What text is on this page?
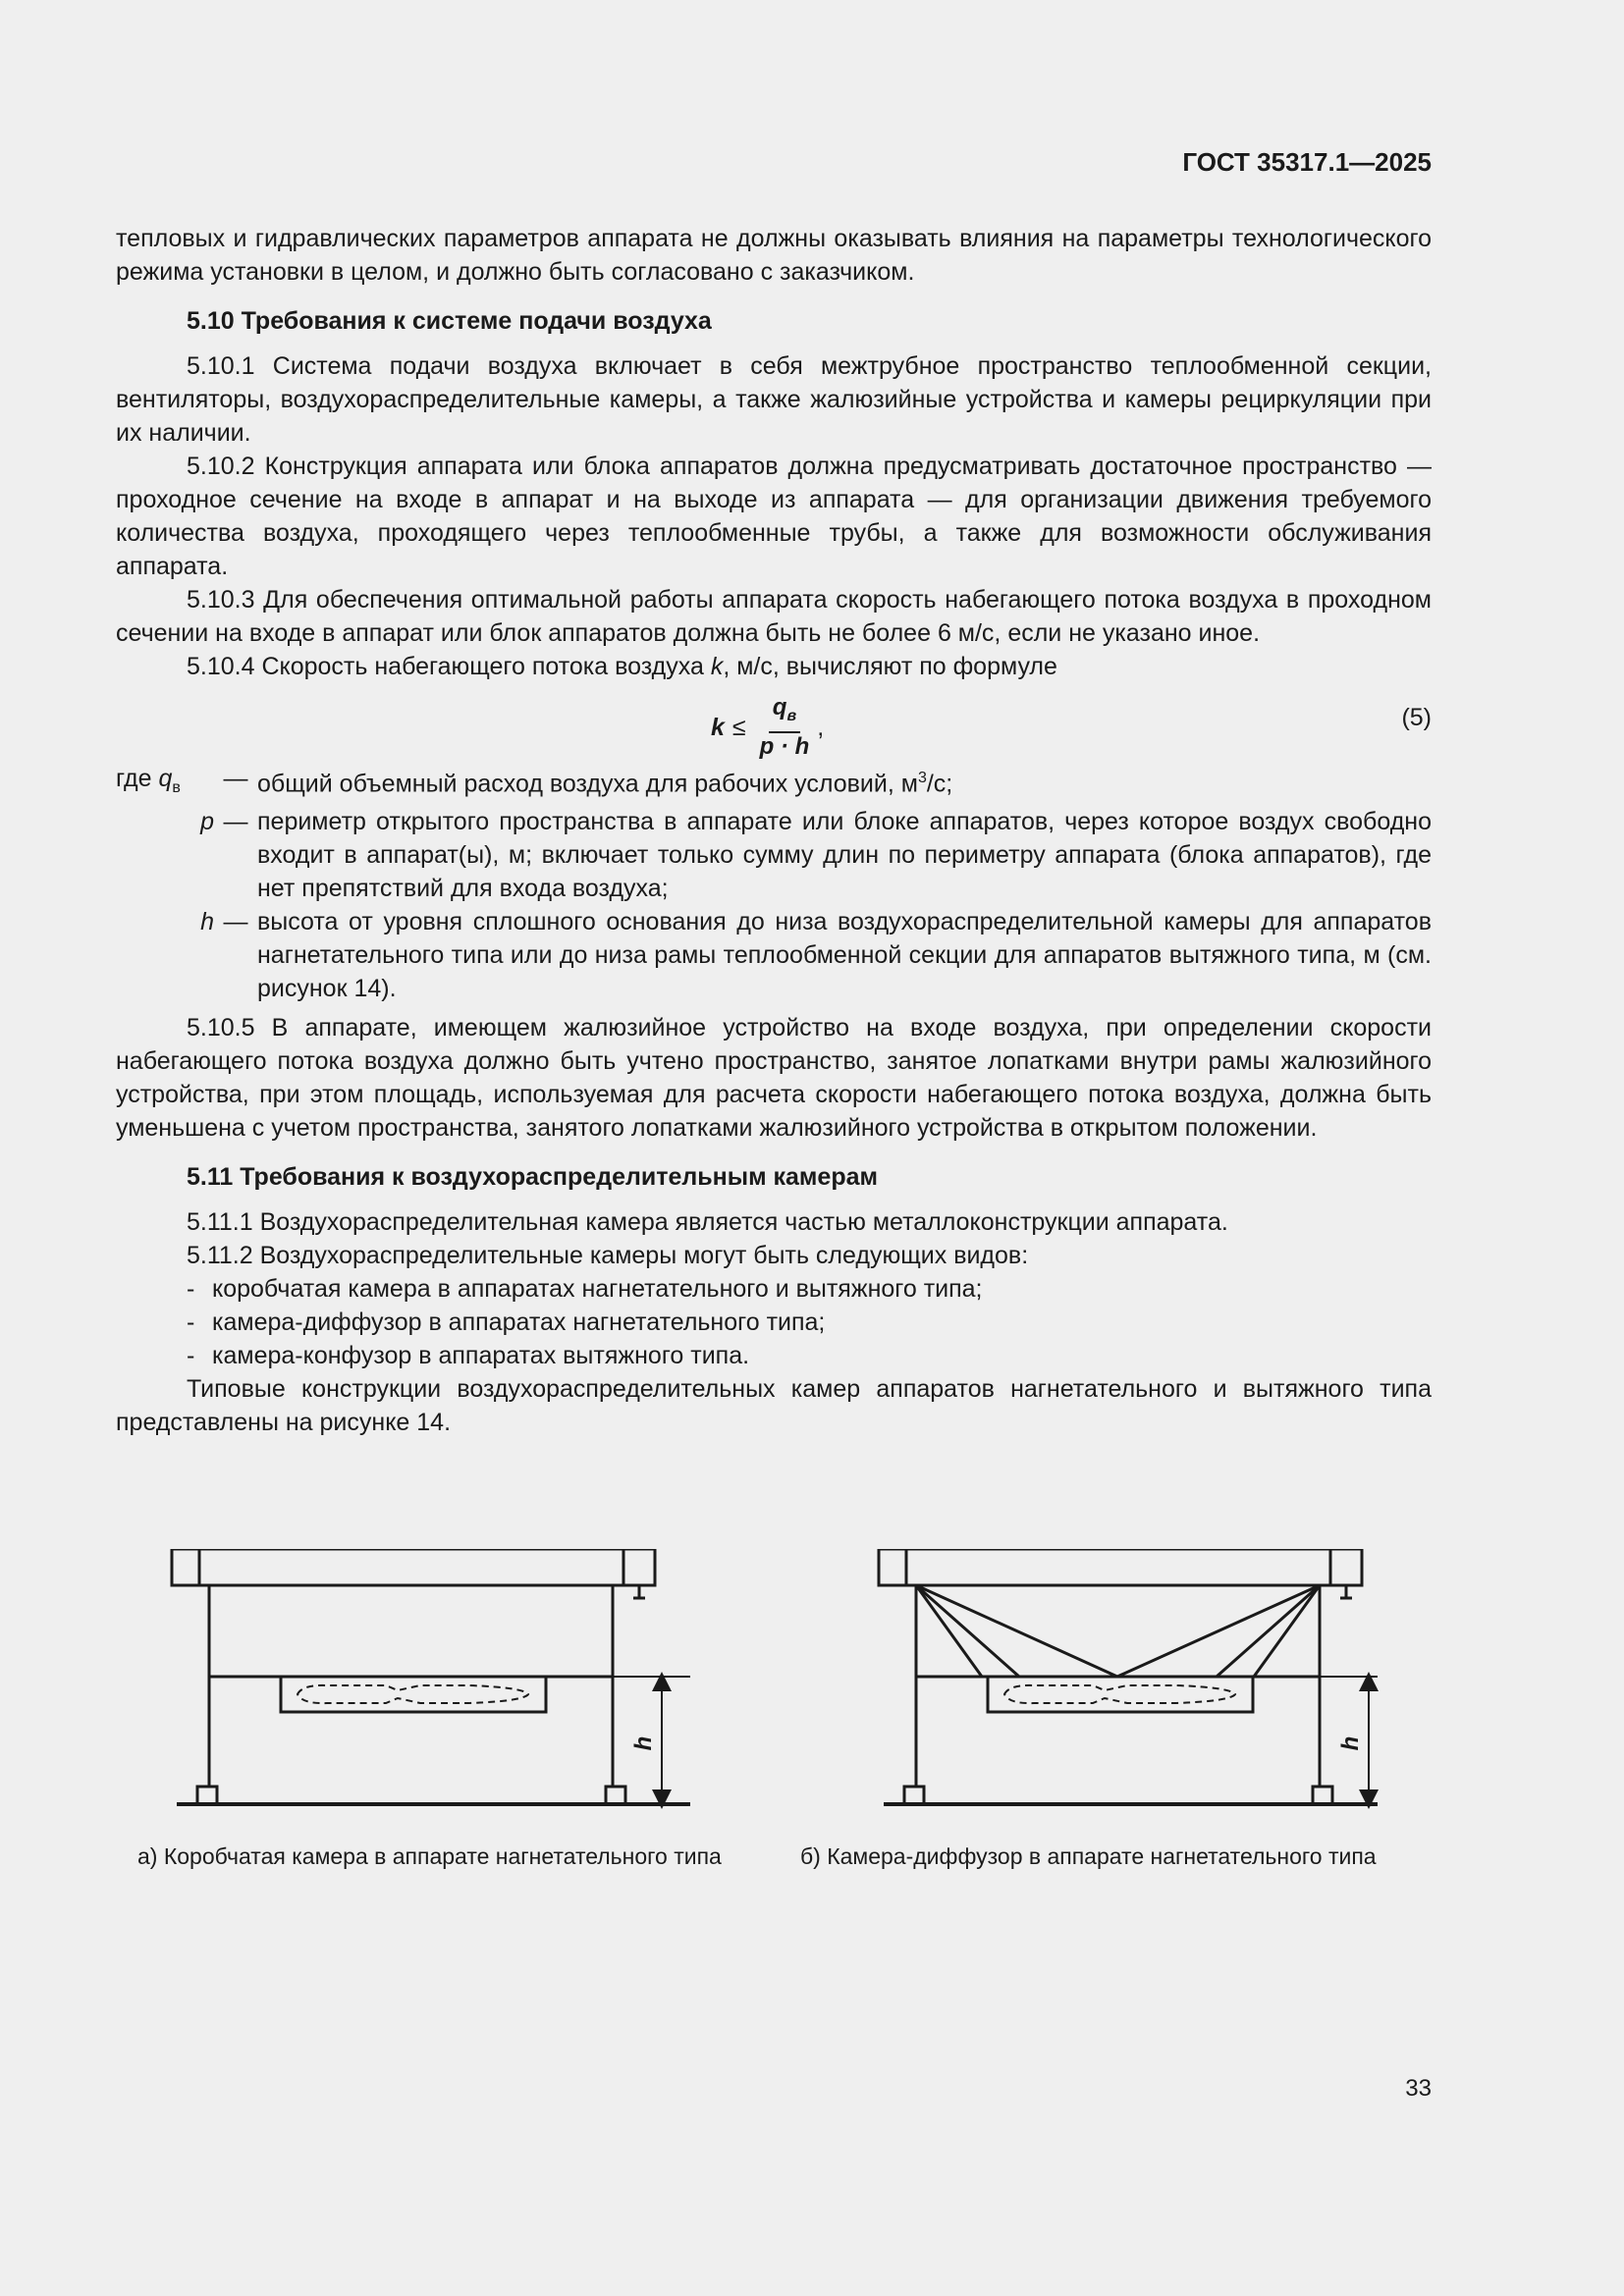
ГОСТ 35317.1—2025

тепловых и гидравлических параметров аппарата не должны оказывать влияния на параметры технологического режима установки в целом, и должно быть согласовано с заказчиком.

5.10 Требования к системе подачи воздуха

5.10.1 Система подачи воздуха включает в себя межтрубное пространство теплообменной секции, вентиляторы, воздухораспределительные камеры, а также жалюзийные устройства и камеры рециркуляции при их наличии.

5.10.2 Конструкция аппарата или блока аппаратов должна предусматривать достаточное пространство — проходное сечение на входе в аппарат и на выходе из аппарата — для организации движения требуемого количества воздуха, проходящего через теплообменные трубы, а также для возможности обслуживания аппарата.

5.10.3 Для обеспечения оптимальной работы аппарата скорость набегающего потока воздуха в проходном сечении на входе в аппарат или блок аппаратов должна быть не более 6 м/с, если не указано иное.

5.10.4 Скорость набегающего потока воздуха k, м/с, вычисляют по формуле

$k \le \frac{q_в}{p \cdot h}$ ,	(5)
где $q_в$	— общий объемный расход воздуха для рабочих условий, $м^3/с$;
p — периметр открытого пространства в аппарате или блоке аппаратов, через которое воздух свободно входит в аппарат(ы), м; включает только сумму длин по периметру аппарата (блока аппаратов), где нет препятствий для входа воздуха;
h — высота от уровня сплошного основания до низа воздухораспределительной камеры для аппаратов нагнетательного типа или до низа рамы теплообменной секции для аппаратов вытяжного типа, м (см. рисунок 14).

5.10.5 В аппарате, имеющем жалюзийное устройство на входе воздуха, при определении скорости набегающего потока воздуха должно быть учтено пространство, занятое лопатками внутри рамы жалюзийного устройства, при этом площадь, используемая для расчета скорости набегающего потока воздуха, должна быть уменьшена с учетом пространства, занятого лопатками жалюзийного устройства в открытом положении.

5.11 Требования к воздухораспределительным камерам

5.11.1 Воздухораспределительная камера является частью металлоконструкции аппарата.

5.11.2 Воздухораспределительные камеры могут быть следующих видов:

- коробчатая камера в аппаратах нагнетательного и вытяжного типа;
- камера-диффузор в аппаратах нагнетательного типа;
- камера-конфузор в аппаратах вытяжного типа.

Типовые конструкции воздухораспределительных камер аппаратов нагнетательного и вытяжного типа представлены на рисунке 14.

h	h
а) Коробчатая камера в аппарате нагнетательного типа	б) Камера-диффузор в аппарате нагнетательного типа
33
